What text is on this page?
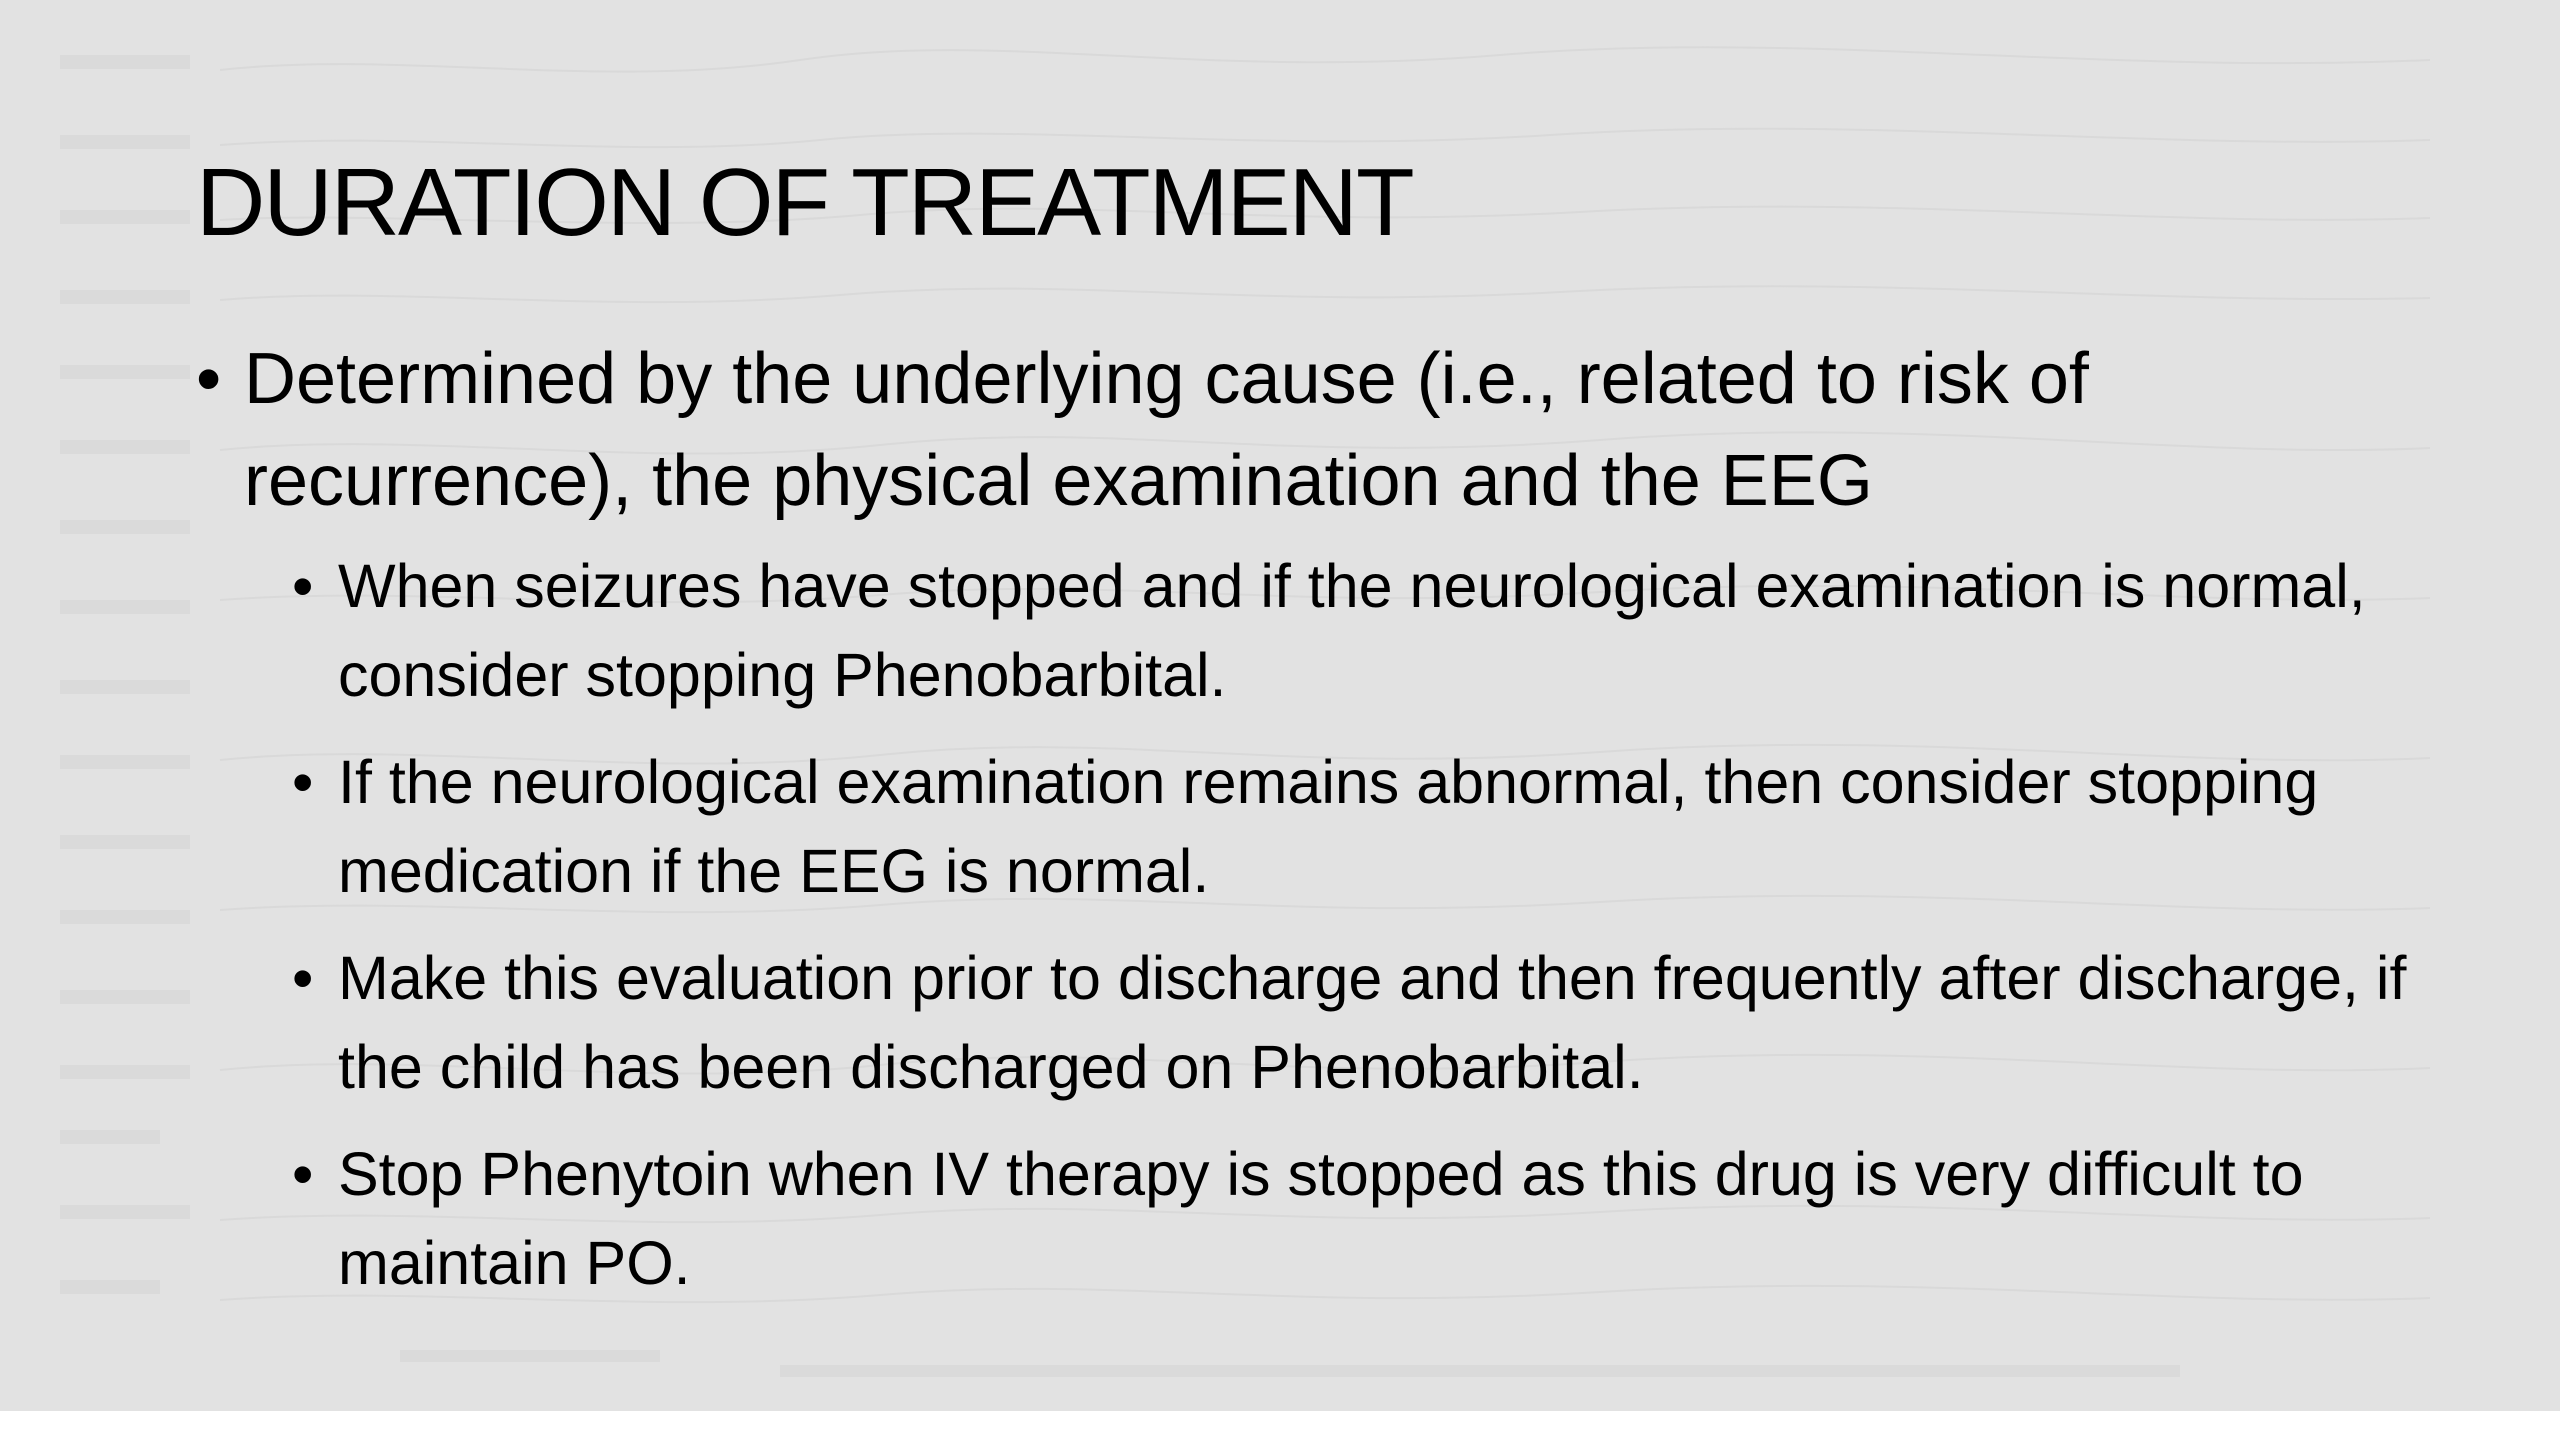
DURATION OF TREATMENT
• Determined by the underlying cause (i.e., related to risk of recurrence), the physical examination and the EEG
• When seizures have stopped and if the neurological examination is normal, consider stopping Phenobarbital.
• If the neurological examination remains abnormal, then consider stopping medication if the EEG is normal.
• Make this evaluation prior to discharge and then frequently after discharge, if the child has been discharged on Phenobarbital.
• Stop Phenytoin when IV therapy is stopped as this drug is very difficult to maintain PO.
